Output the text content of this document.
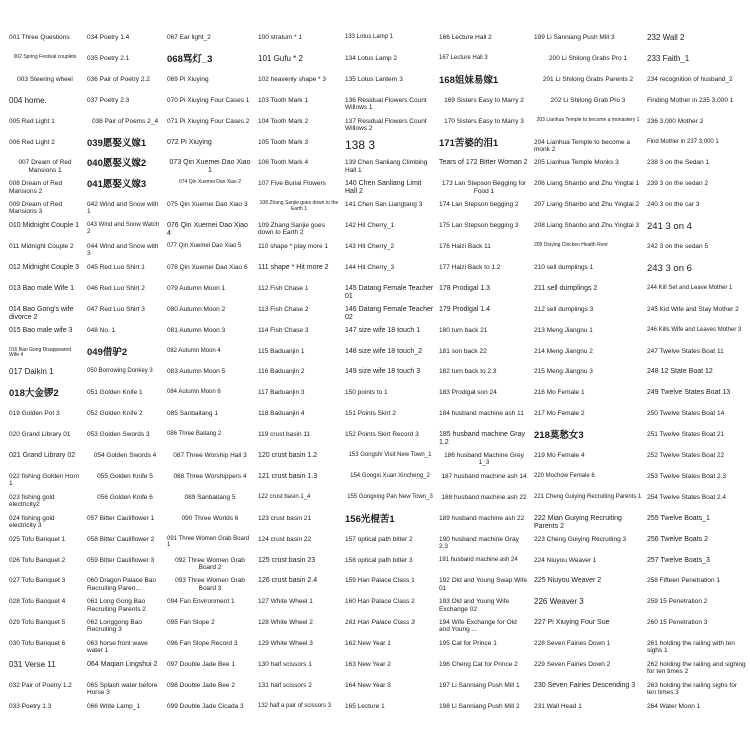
001 Three Questions
002 Spring Festival couplets
003 Steering wheel
004 home.
005 Red Light 1
006 Red Light 2
007 Dream of Red Mansions 1
008 Dream of Red Mansions 2
009 Dream of Red Mansions 3
010 Midnight Couple 1
011 Midnight Couple 2
012 Midnight Couple 3
013 Bao male Wife 1
014 Bao Gong's wife divorce 2
015 Bao male wife 3
016 Bao Gong Disappeared Wife 4
017 Daikin 1
018大金锣2
019 Golden Pot 3
020 Grand Library 01
021 Grand Library 02
022 fishing Golden Horn 1
023 fishing gold electricity2
024 fishing gold electricity 3
025 Tofu Banquet 1
026 Tofu Banquet 2
027 Tofu Banquet 3
028 Tofu Banquet 4
029 Tofu Banquet 5
030 Tofu Banquet 6
031 Verse 11
032 Pair of Poetry 1.2
033 Poetry 1.3
034 Poetry 1.4
035 Poetry 2.1
036 Pair of Poetry 2.2
037 Poetry 2.3
038 Pair of Poems 2_4
039愿娶义嫁1
040愿娶义嫁2
041愿娶义嫁3
042 Wind and Snow with 1
043 Wind and Snow Watch 2
044 Wind and Snow with 3
045 Red Luo Shirt 1
046 Red Luo Shirt 2
047 Red Luo Shirt 3
048 No. 1
049借驴2
050 Borrowing Donkey 3
051 Golden Knife 1
052 Golden Knife 2
053 Golden Swords 3
054 Golden Swords 4
055 Golden Knife 5
056 Golden Knife 6
057 Bitter Cauliflower 1
058 Bitter Cauliflower 2
059 Bitter Cauliflower 3
060 Dragon Palace Bao Recruiting Paren...
061 Long Gong Bao Recruiting Parents 2
062 Longgong Bao Recruiting 3
063 horse front wave water 1
064 Maqian Lingshui 2
065 Splash water before Horse 3
066 Write Lamp_1
067 Ear light_2
068骂灯_3
069 Pi Xiuying
070 Pi Xiuying Four Cases 1
071 Pi Xiuying Four Cases 2
072 Pi Xiuying
073 Qin Xuemei Dao Xiao 1
074 Qin Xuemei Dao Xiao 2
075 Qin Xuemei Dao Xiao 3
076 Qin Xuemei Dao Xiao 4
077 Qin Xuemei Dao Xiao 5
078 Qin Xuemei Dao Xiao 6
079 Autumn Moon 1
080 Autumn Moon 2
081 Autumn Moon 3
082 Autumn Moon 4
083 Autumn Moon 5
084 Autumn Moon 6
085 Sanbaitang 1
086 Three Baitang 2
087 Three Worship Hall 3
088 Three Worshippers 4
089 Sanbaitang 5
090 Three Worlds 6
091 Three Women Grab Board 1
092 Three Women Grab Board 2
093 Three Women Grab Board 3
094 Fan Environment 1
095 Fan Slope 2
096 Fan Slope Record 3
097 Double Jade Bee 1
098 Double Jade Bee 2
099 Double Jade Cicada 3
100 stratum * 1
101 Gufu * 2
102 heavenly shape * 3
103 Tooth Mark 1
104 Tooth Mark 2
105 Tooth Mark 3
106 Tooth Mark 4
107 Five Burial Flowers
108 Zhang Sanjie goes down to the Earth 1
109 Zhang Sanjie goes down to Earth 2
110 shape * play more 1
111 shape * Hit more 2
112 Fish Chase 1
113 Fish Chase 2
114 Fish Chase 3
115 Baduanjin 1
116 Baduanjin 2
117 Baduanjin 3
118 Baduanjin 4
119 crust basin 11
120 crust basin 1.2
121 crust basin 1.3
122 crust basin 1_4
123 crust basin 21
124 crust basin 22
125 crust basin 23
126 crust basin 2.4
127 White Wheel 1
128 White Wheel 2
129 White Wheel 3
130 half scissors 1
131 half scissors 2
132 half a pair of scissors 3
133 Lotus Lamp 1
134 Lotus Lamp 2
135 Lotus Lantern 3
136 Residual Flowers Count Willows 1
137 Residual Flowers Count Willows 2
138 3
139 Chen Sanliang Climbing Hall 1
140 Chen Sanliang Limit Hall 2
141 Chen San Liangtang 3
142 Hit Cherry_1
143 Hit Cherry_2
144 Hit Cherry_3
145 Datang Female Teacher 01
146 Datang Female Teacher 02
147 size wife 18 touch 1
148 size wife 18 touch_2
149 size wife 18 touch 3
150 points to 1
151 Points Skirt 2
152 Points Skirt Record 3
153 Gongshi Visit New Town_1
154 Gongxi Xuan Xincheng_2
155 Gongxing Pan New Town_3
156光棍苦1
157 optical path bitter 2
158 optical path bitter 3
159 Han Palace Class 1
160 Han Palace Class 2
161 Han Palace Class 3
162 New Year 1
163 New Year 2
164 New Year 3
165 Lecture 1
166 Lecture Hall 2
167 Lecture Hall 3
168姐妹易嫁1
169 Sisters Easy to Marry 2
170 Sisters Easy to Marry 3
171苦婆的泪1
Tears of 172 Bitter Woman 2
173 Lan Stepson Begging for Food 1
174 Lan Stepson begging 2
175 Lan Stepson begging 3
176 Haizi Back 11
177 Haizi Back to 1.2
178 Prodigal 1.3
179 Prodigal 1.4
180 turn back 21
181 son back 22
182 turn back to 2.3
183 Prodigal son 24
184 husband machine ash 11
185 husband machine Gray 1.2
186 husband Machine Grey 1_3
187 husband machine ash 14
188 husband machine ash 22
189 husband machine ash 22
190 husband machine Gray 2.3
191 husband machine ash 24
192 Old and Young Swap Wife 01
193 Old and Young Wife Exchange 02
194 Wife Exchange for Old and Young ...
195 Cat for Prince 1
196 Cheng Cat for Prince 2
197 Li Sanniang Push Mill 1
198 Li Sanniang Push Mill 2
199 Li Sanniang Push Mill 3
200 Li Shilong Grabs Pro 1
201 Li Shilong Grabs Parents 2
202 Li Shilong Grab Pro 3
203 Lianhua Temple to become a monastery 1
204 Lianhua Temple to become a monk 2
205 Lianhua Temple Monks 3
206 Liang Shanbo and Zhu Yingtai 1
207 Liang Shanbo and Zhu Yingtai 2
208 Liang Shanbo and Zhu Yingtai 3
209 Diuying Chicken Health Rent
210 sell dumplings 1
211 sell dumplings 2
212 sell dumplings 3
213 Meng Jiangnu 1
214 Meng Jiangnu 2
215 Meng Jiangnu 3
216 Mo Female 1
217 Mo Female 2
218莫愁女3
219 Mo Female 4
220 Mochow Female 6
221 Cheng Guiying Recruiting Parents 1
222 Mian Guiying Recruiting Parents 2
223 Cheng Guiying Recruiting 3
224 Niuyou Weaver 1
225 Niuyou Weaver 2
226 Weaver 3
227 Pi Xiuying Four Sue
228 Seven Fairies Down 1
229 Seven Fairies Down 2
230 Seven Fairies Descending 3
231 Wall Head 1
232 Wall 2
233 Faith_1
234 recognition of husband_2
Finding Mother in 235 3,000 1
236 3,000 Mother 2
Find Mother in 237 3,000 1
238 3 on the Sedan 1
239 3 on the sedan 2
240 3 on the car 3
241 3 on 4
242 3 on the sedan 5
243 3 on 6
244 Kill Set and Leave Mother 1
245 Kid Wife and Stay Mother 2
246 Kills Wife and Leaves Mother 3
247 Twelve States Boat 11
248 12 State Boat 12
249 Twelve States Boat 13
250 Twelve States Boat 14
251 Twelve States Boat 21
252 Twelve States Boat 22
253 Twelve States Boat 2.3
254 Twelve States Boat 2.4
255 Twelve Boats_1
256 Twelve Boats 2
257 Twelve Boats_3
258 Fifteen Penetration 1
259 15 Penetration 2
260 15 Penetration 3
261 holding the railing with ten sighs 1
262 holding the railing and sighing for ten times 2
263 holding the railing sighs for ten times 3
264 Water Moon 1
